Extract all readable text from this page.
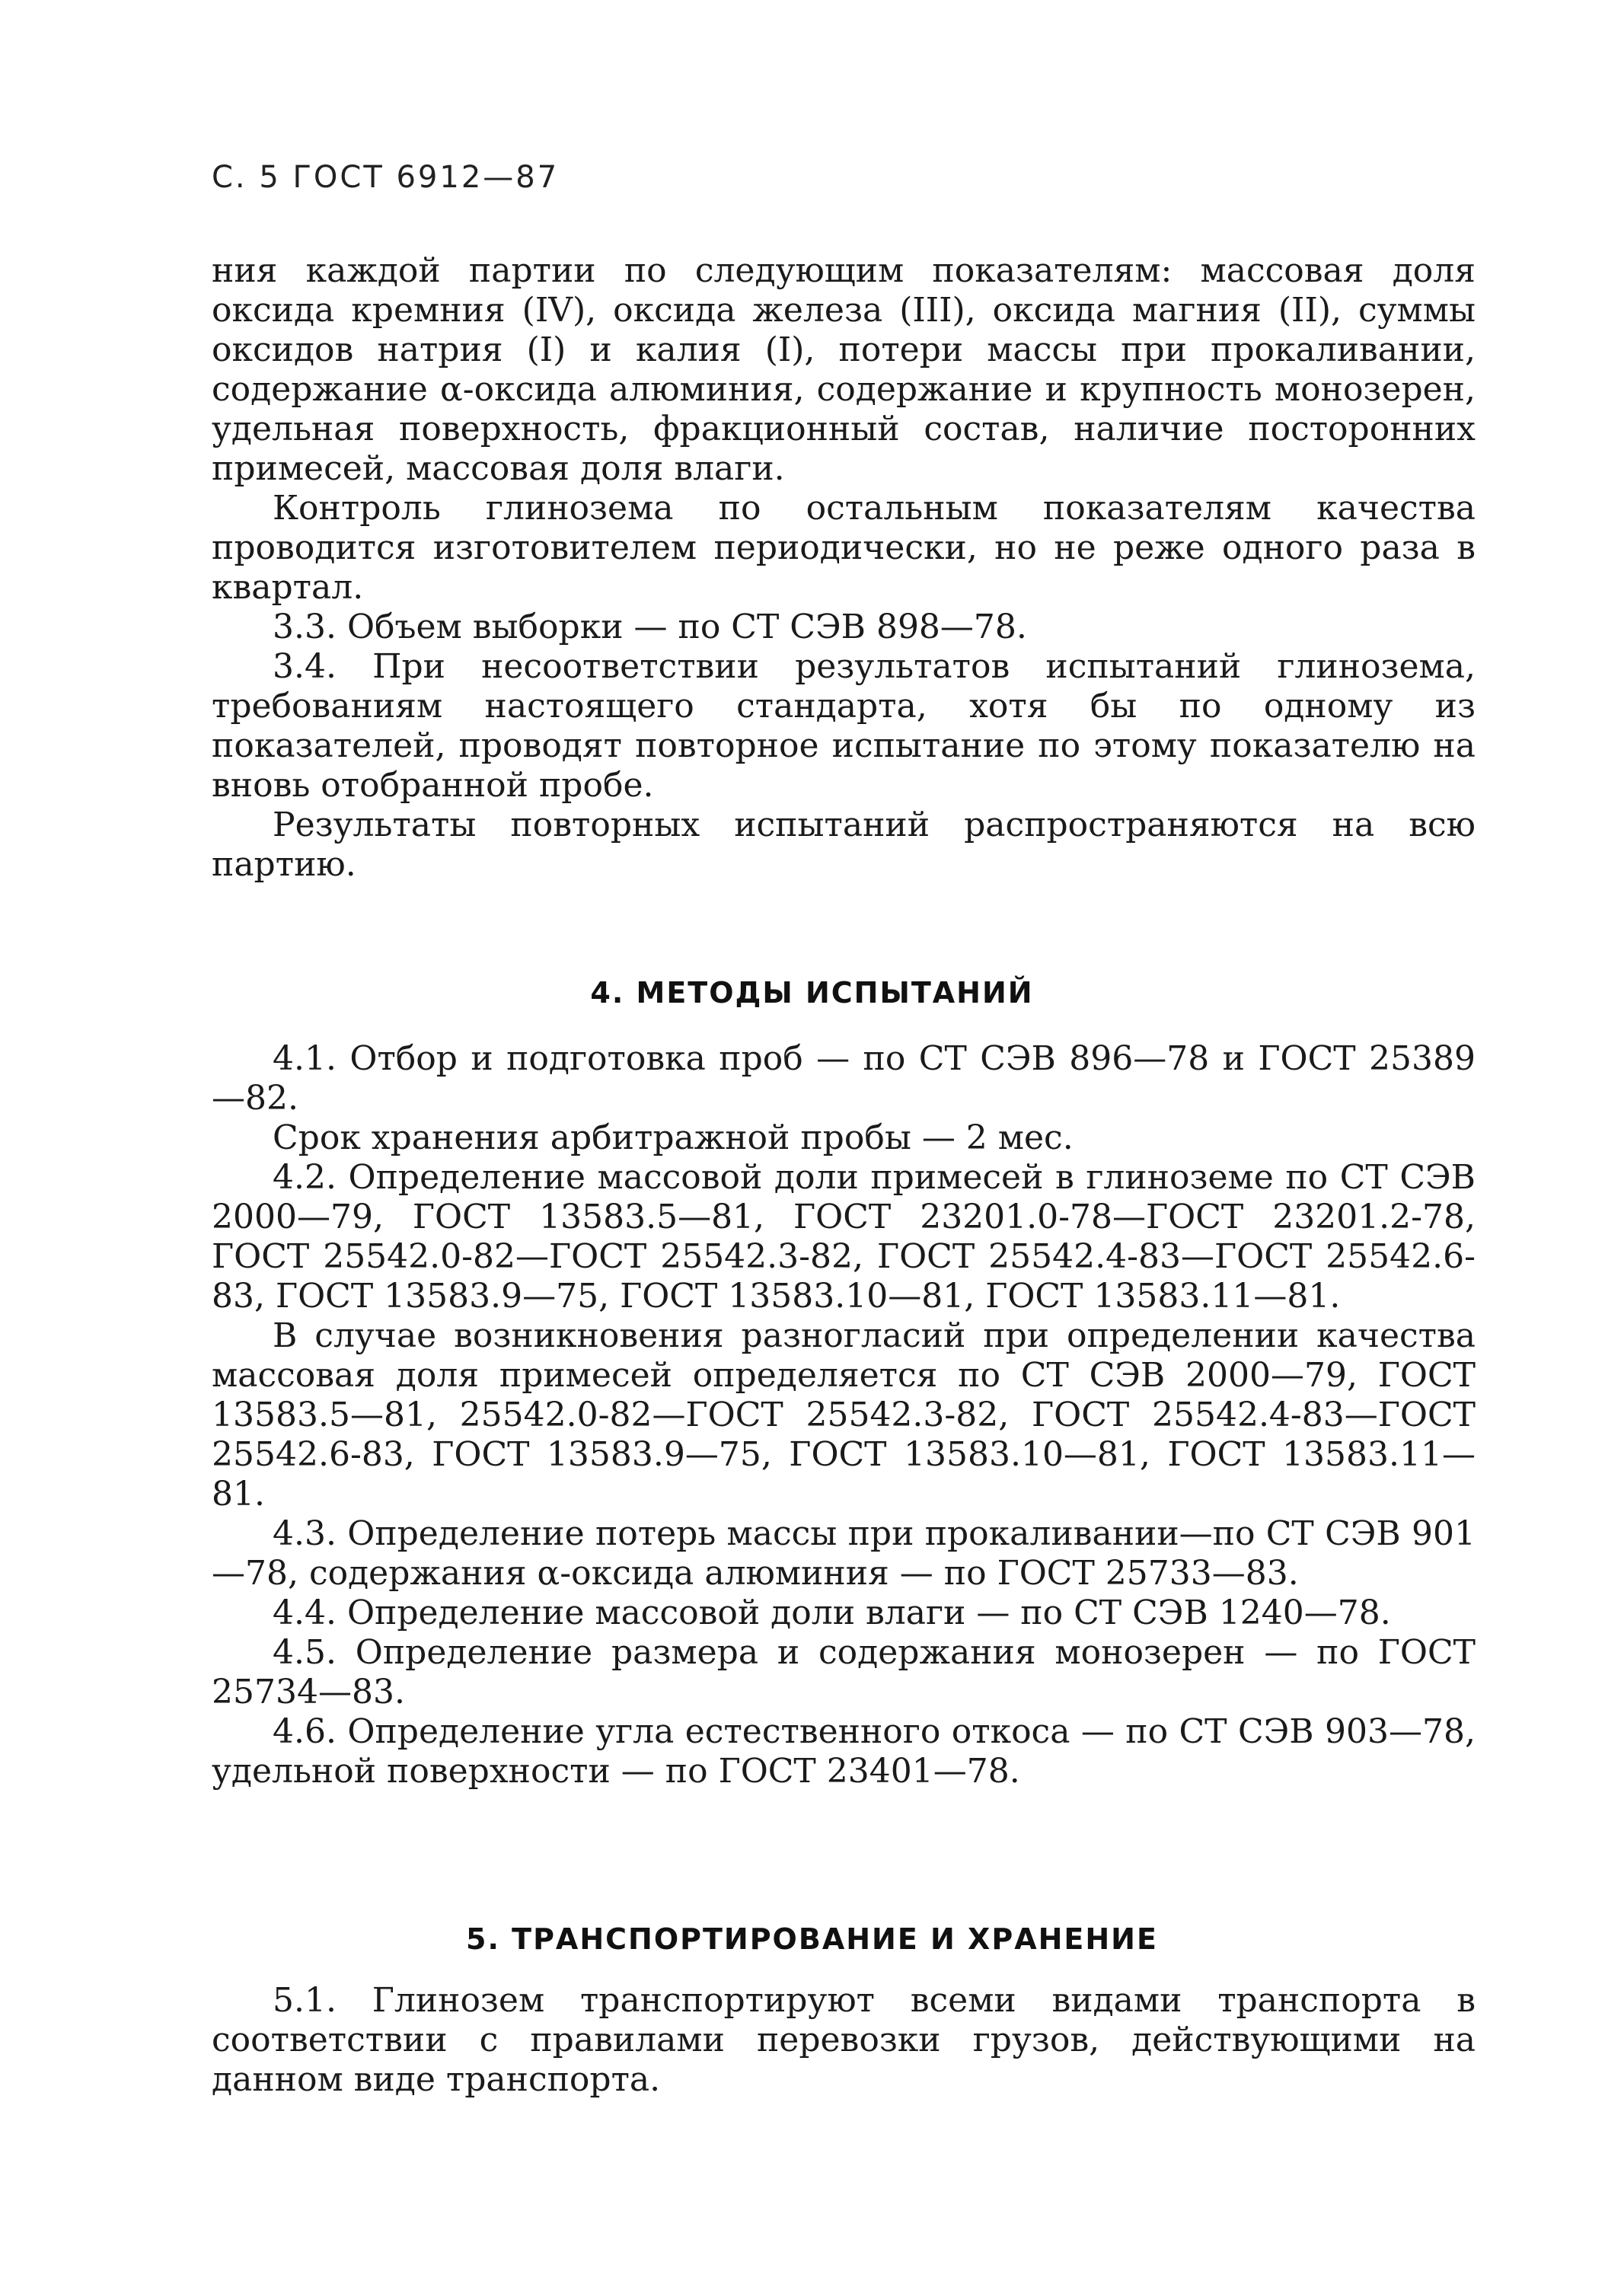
С. 5 ГОСТ 6912—87

ния каждой партии по следующим показателям: массовая доля оксида кремния (IV), оксида железа (III), оксида магния (II), суммы оксидов натрия (I) и калия (I), потери массы при прокаливании, содержание α-оксида алюминия, содержание и крупность монозерен, удельная поверхность, фракционный состав, наличие посторонних примесей, массовая доля влаги.

Контроль глинозема по остальным показателям качества проводится изготовителем периодически, но не реже одного раза в квартал.

3.3. Объем выборки — по СТ СЭВ 898—78.

3.4. При несоответствии результатов испытаний глинозема, требованиям настоящего стандарта, хотя бы по одному из показателей, проводят повторное испытание по этому показателю на вновь отобранной пробе.

Результаты повторных испытаний распространяются на всю партию.

4. МЕТОДЫ ИСПЫТАНИЙ

4.1. Отбор и подготовка проб — по СТ СЭВ 896—78 и ГОСТ 25389—82.

Срок хранения арбитражной пробы — 2 мес.

4.2. Определение массовой доли примесей в глиноземе по СТ СЭВ 2000—79, ГОСТ 13583.5—81, ГОСТ 23201.0-78—ГОСТ 23201.2-78, ГОСТ 25542.0-82—ГОСТ 25542.3-82, ГОСТ 25542.4-83—ГОСТ 25542.6-83, ГОСТ 13583.9—75, ГОСТ 13583.10—81, ГОСТ 13583.11—81.

В случае возникновения разногласий при определении качества массовая доля примесей определяется по СТ СЭВ 2000—79, ГОСТ 13583.5—81, 25542.0-82—ГОСТ 25542.3-82, ГОСТ 25542.4-83—ГОСТ 25542.6-83, ГОСТ 13583.9—75, ГОСТ 13583.10—81, ГОСТ 13583.11—81.

4.3. Определение потерь массы при прокаливании—по СТ СЭВ 901—78, содержания α-оксида алюминия — по ГОСТ 25733—83.

4.4. Определение массовой доли влаги — по СТ СЭВ 1240—78.

4.5. Определение размера и содержания монозерен — по ГОСТ 25734—83.

4.6. Определение угла естественного откоса — по СТ СЭВ 903—78, удельной поверхности — по ГОСТ 23401—78.

5. ТРАНСПОРТИРОВАНИЕ И ХРАНЕНИЕ

5.1. Глинозем транспортируют всеми видами транспорта в соответствии с правилами перевозки грузов, действующими на данном виде транспорта.
